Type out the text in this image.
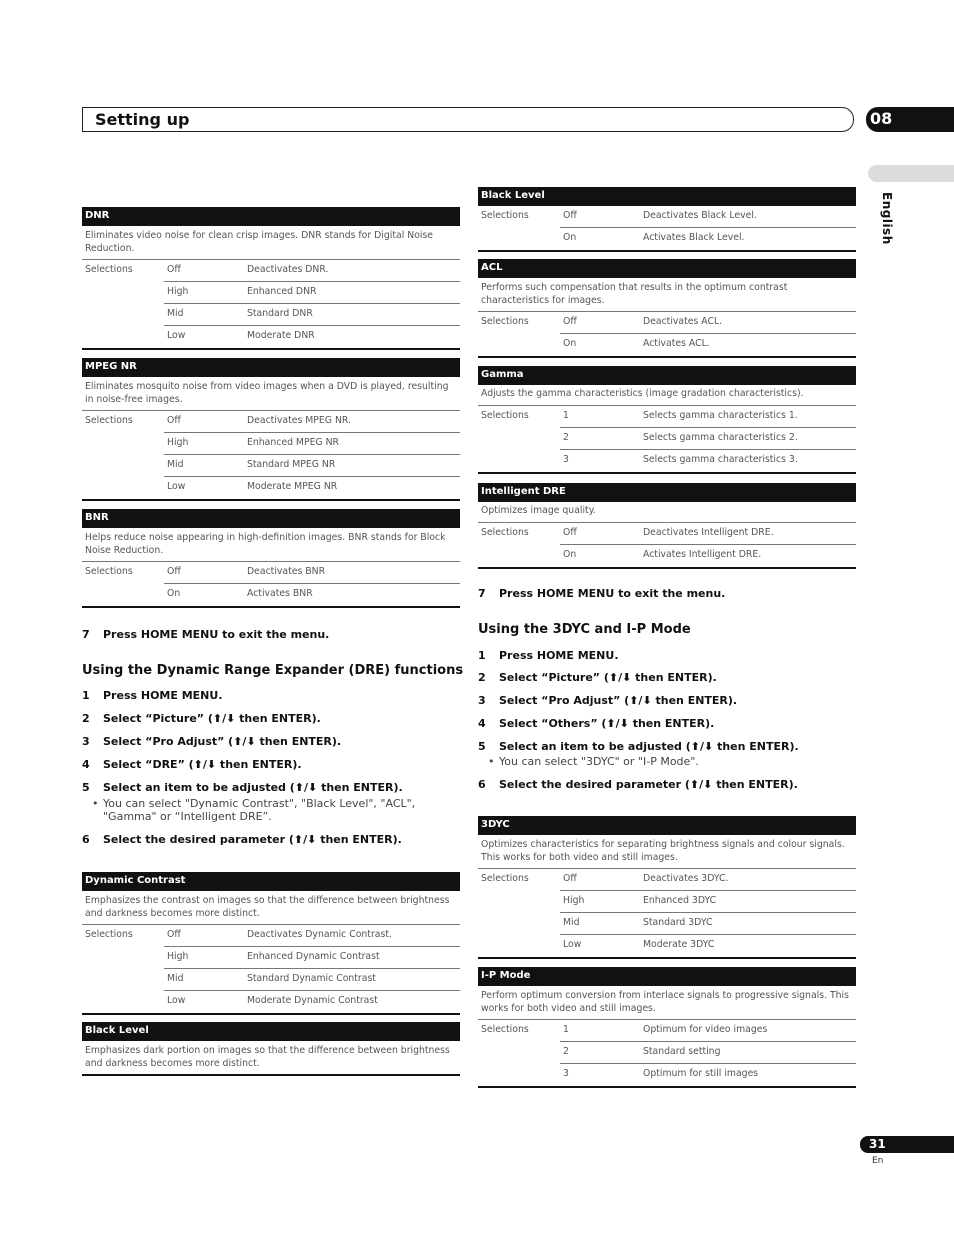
Setting up	08
English
DNR
Eliminates video noise for clean crisp images. DNR stands for Digital Noise Reduction.
Selections	Off	Deactivates DNR.
High	Enhanced DNR
Mid	Standard DNR
Low	Moderate DNR
MPEG NR
Eliminates mosquito noise from video images when a DVD is played, resulting in noise-free images.
Selections	Off	Deactivates MPEG NR.
High	Enhanced MPEG NR
Mid	Standard MPEG NR
Low	Moderate MPEG NR
BNR
Helps reduce noise appearing in high-definition images. BNR stands for Block Noise Reduction.
Selections	Off	Deactivates BNR
On	Activates BNR
7 Press HOME MENU to exit the menu.
Using the Dynamic Range Expander (DRE) functions
1 Press HOME MENU.
2 Select “Picture” (⬆/⬇ then ENTER).
3 Select “Pro Adjust” (⬆/⬇ then ENTER).
4 Select “DRE” (⬆/⬇ then ENTER).
5 Select an item to be adjusted (⬆/⬇ then ENTER).
• You can select "Dynamic Contrast", "Black Level", "ACL", "Gamma" or “Intelligent DRE”.
6 Select the desired parameter (⬆/⬇ then ENTER).
Dynamic Contrast
Emphasizes the contrast on images so that the difference between brightness and darkness becomes more distinct.
Selections	Off	Deactivates Dynamic Contrast.
High	Enhanced Dynamic Contrast
Mid	Standard Dynamic Contrast
Low	Moderate Dynamic Contrast
Black Level
Emphasizes dark portion on images so that the difference between brightness and darkness becomes more distinct.
Black Level
Selections	Off	Deactivates Black Level.
On	Activates Black Level.
ACL
Performs such compensation that results in the optimum contrast characteristics for images.
Selections	Off	Deactivates ACL.
On	Activates ACL.
Gamma
Adjusts the gamma characteristics (image gradation characteristics).
Selections	1	Selects gamma characteristics 1.
2	Selects gamma characteristics 2.
3	Selects gamma characteristics 3.
Intelligent DRE
Optimizes image quality.
Selections	Off	Deactivates Intelligent DRE.
On	Activates Intelligent DRE.
7 Press HOME MENU to exit the menu.
Using the 3DYC and I-P Mode
1 Press HOME MENU.
2 Select “Picture” (⬆/⬇ then ENTER).
3 Select “Pro Adjust” (⬆/⬇ then ENTER).
4 Select “Others” (⬆/⬇ then ENTER).
5 Select an item to be adjusted (⬆/⬇ then ENTER).
• You can select "3DYC" or "I-P Mode".
6 Select the desired parameter (⬆/⬇ then ENTER).
3DYC
Optimizes characteristics for separating brightness signals and colour signals. This works for both video and still images.
Selections	Off	Deactivates 3DYC.
High	Enhanced 3DYC
Mid	Standard 3DYC
Low	Moderate 3DYC
I-P Mode
Perform optimum conversion from interlace signals to progressive signals. This works for both video and still images.
Selections	1	Optimum for video images
2	Standard setting
3	Optimum for still images
31
En
